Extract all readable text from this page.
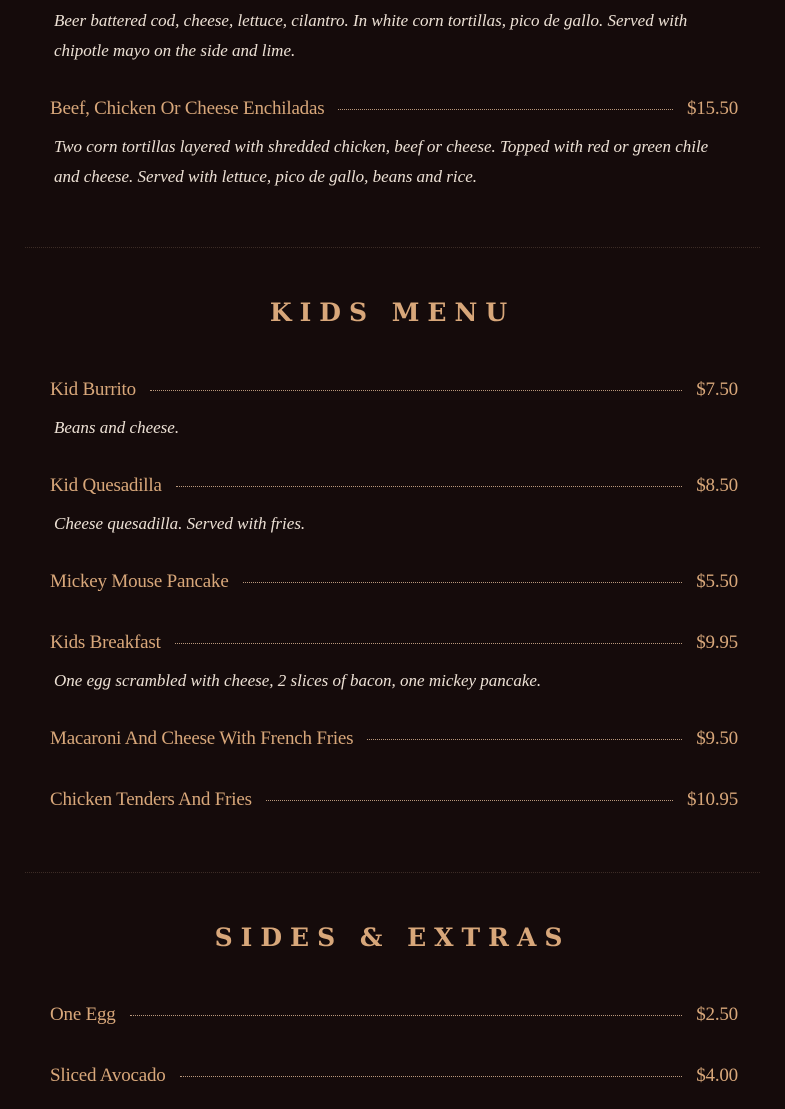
Beer battered cod, cheese, lettuce, cilantro. In white corn tortillas, pico de gallo. Served with chipotle mayo on the side and lime.
Beef, Chicken Or Cheese Enchiladas	$15.50
Two corn tortillas layered with shredded chicken, beef or cheese. Topped with red or green chile and cheese. Served with lettuce, pico de gallo, beans and rice.
KIDS MENU
Kid Burrito	$7.50
Beans and cheese.
Kid Quesadilla	$8.50
Cheese quesadilla. Served with fries.
Mickey Mouse Pancake	$5.50
Kids Breakfast	$9.95
One egg scrambled with cheese, 2 slices of bacon, one mickey pancake.
Macaroni And Cheese With French Fries	$9.50
Chicken Tenders And Fries	$10.95
SIDES & EXTRAS
One Egg	$2.50
Sliced Avocado	$4.00
